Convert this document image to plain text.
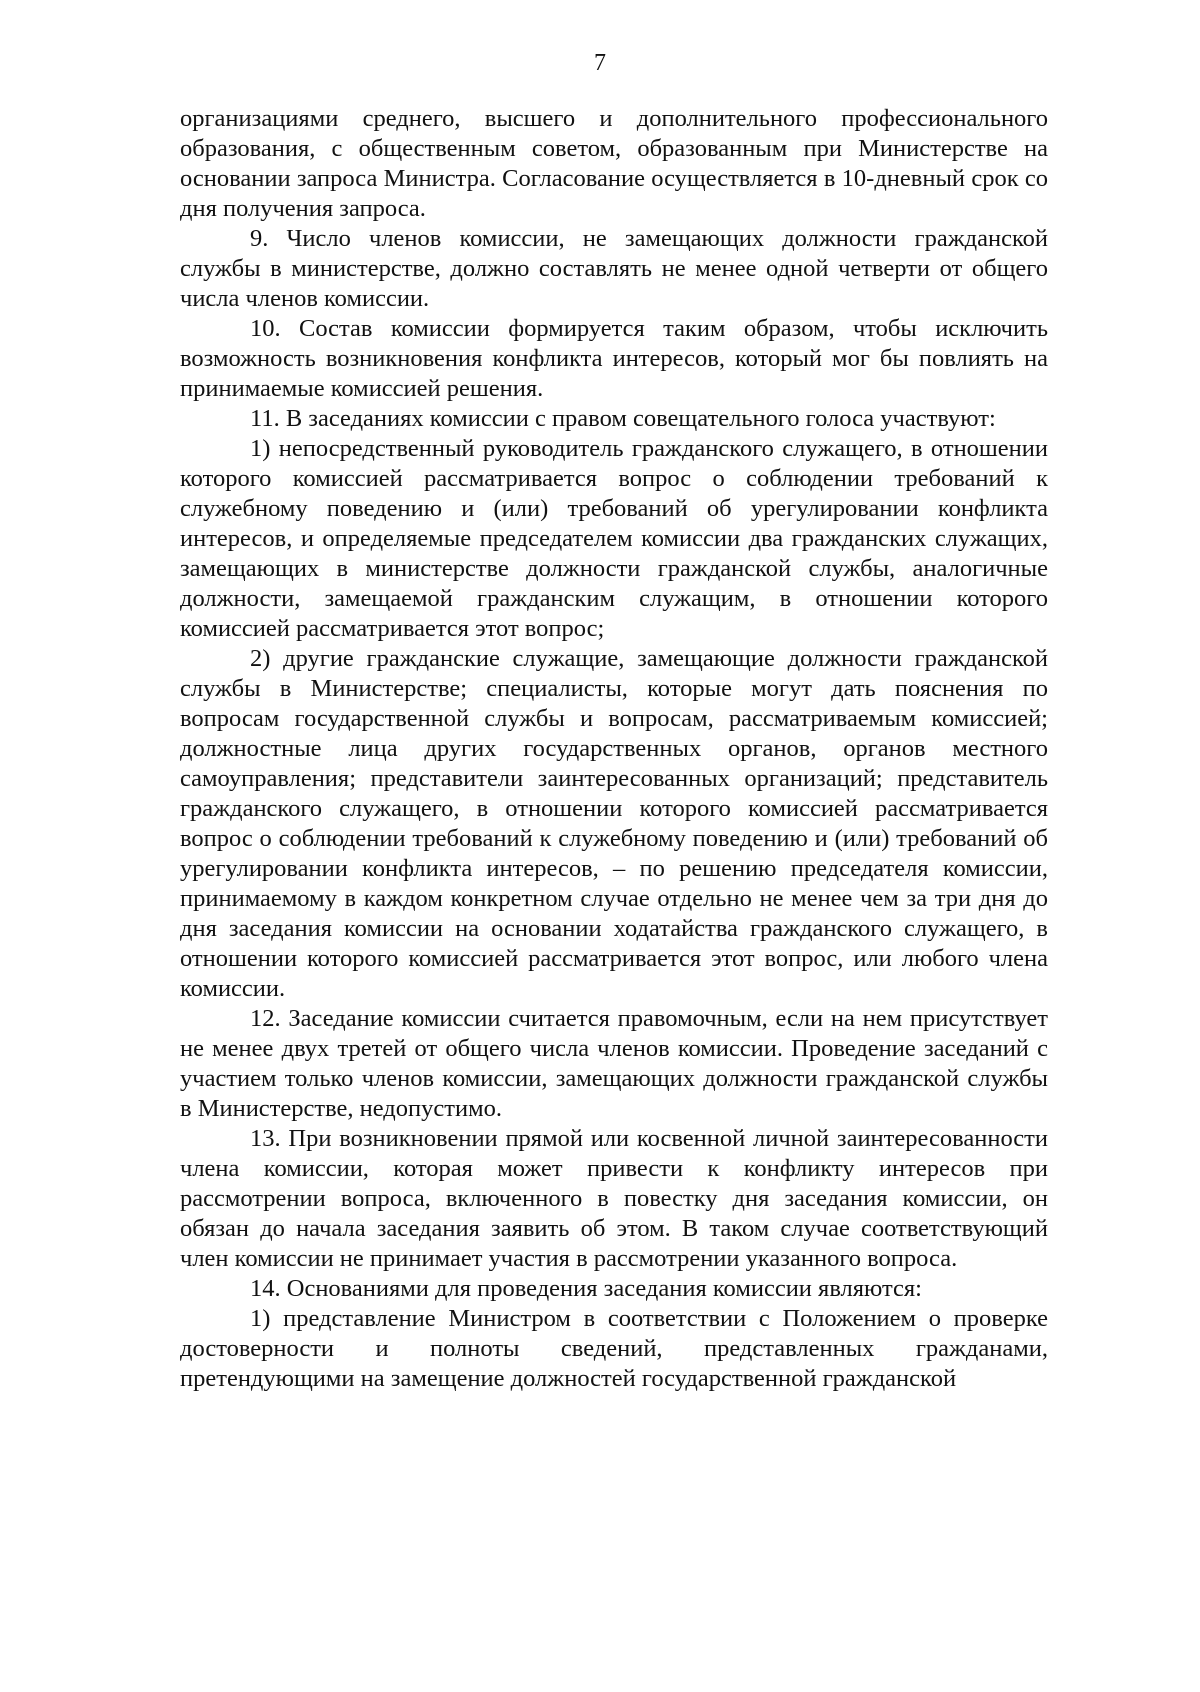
7

организациями среднего, высшего и дополнительного профессионального образования, с общественным советом, образованным при Министерстве на основании запроса Министра. Согласование осуществляется в 10-дневный срок со дня получения запроса.

9. Число членов комиссии, не замещающих должности гражданской службы в министерстве, должно составлять не менее одной четверти от общего числа членов комиссии.

10. Состав комиссии формируется таким образом, чтобы исключить возможность возникновения конфликта интересов, который мог бы повлиять на принимаемые комиссией решения.

11. В заседаниях комиссии с правом совещательного голоса участвуют:

1) непосредственный руководитель гражданского служащего, в отношении которого комиссией рассматривается вопрос о соблюдении требований к служебному поведению и (или) требований об урегулировании конфликта интересов, и определяемые председателем комиссии два гражданских служащих, замещающих в министерстве должности гражданской службы, аналогичные должности, замещаемой гражданским служащим, в отношении которого комиссией рассматривается этот вопрос;

2) другие гражданские служащие, замещающие должности гражданской службы в Министерстве; специалисты, которые могут дать пояснения по вопросам государственной службы и вопросам, рассматриваемым комиссией; должностные лица других государственных органов, органов местного самоуправления; представители заинтересованных организаций; представитель гражданского служащего, в отношении которого комиссией рассматривается вопрос о соблюдении требований к служебному поведению и (или) требований об урегулировании конфликта интересов, – по решению председателя комиссии, принимаемому в каждом конкретном случае отдельно не менее чем за три дня до дня заседания комиссии на основании ходатайства гражданского служащего, в отношении которого комиссией рассматривается этот вопрос, или любого члена комиссии.

12. Заседание комиссии считается правомочным, если на нем присутствует не менее двух третей от общего числа членов комиссии. Проведение заседаний с участием только членов комиссии, замещающих должности гражданской службы в Министерстве, недопустимо.

13. При возникновении прямой или косвенной личной заинтересованности члена комиссии, которая может привести к конфликту интересов при рассмотрении вопроса, включенного в повестку дня заседания комиссии, он обязан до начала заседания заявить об этом. В таком случае соответствующий член комиссии не принимает участия в рассмотрении указанного вопроса.

14. Основаниями для проведения заседания комиссии являются:

1) представление Министром в соответствии с Положением о проверке достоверности и полноты сведений, представленных гражданами, претендующими на замещение должностей государственной гражданской
